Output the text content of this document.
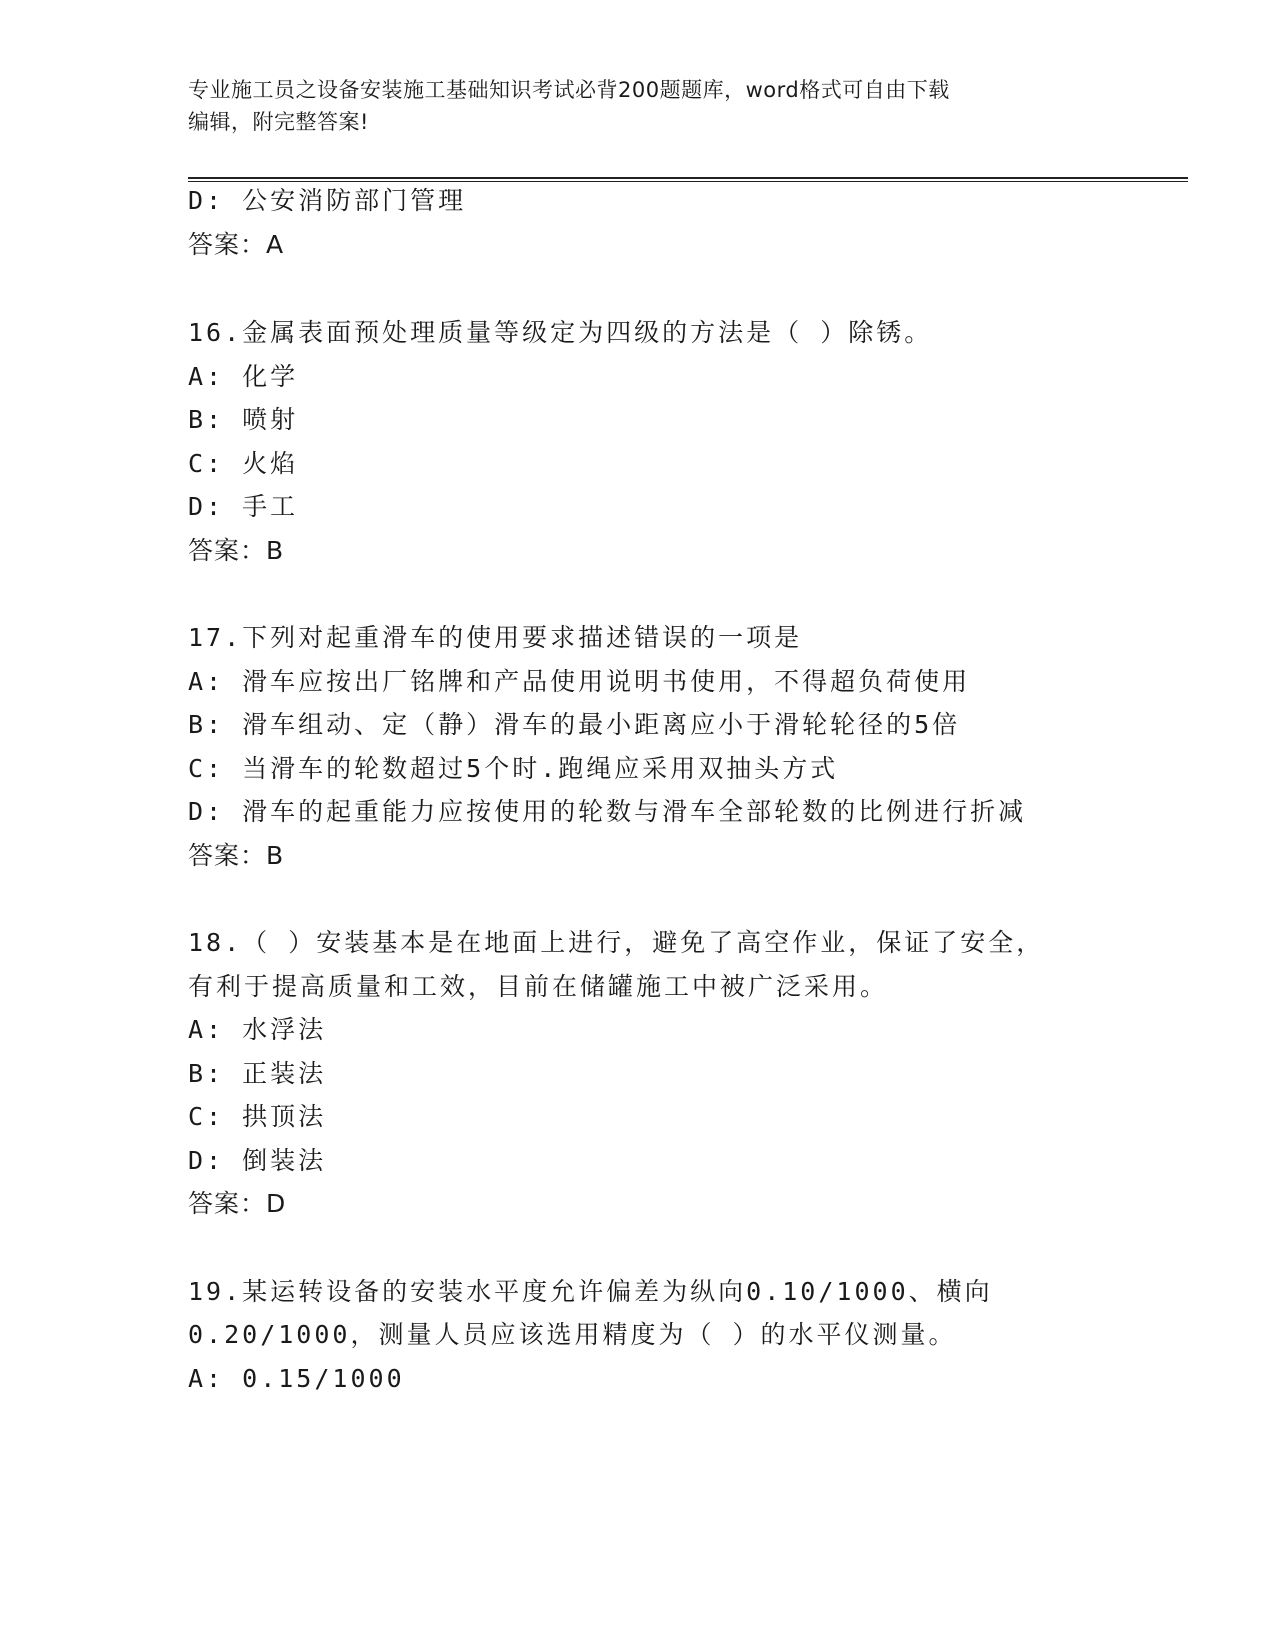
专业施工员之设备安装施工基础知识考试必背200题题库，word格式可自由下载
编辑，附完整答案!
D: 公安消防部门管理
答案：A
16.金属表面预处理质量等级定为四级的方法是（ ）除锈。
A: 化学
B: 喷射
C: 火焰
D: 手工
答案：B
17.下列对起重滑车的使用要求描述错误的一项是
A: 滑车应按出厂铭牌和产品使用说明书使用，不得超负荷使用
B: 滑车组动、定（静）滑车的最小距离应小于滑轮轮径的5倍
C: 当滑车的轮数超过5个时.跑绳应采用双抽头方式
D: 滑车的起重能力应按使用的轮数与滑车全部轮数的比例进行折减
答案：B
18.（ ）安装基本是在地面上进行，避免了高空作业，保证了安全，
有利于提高质量和工效，目前在储罐施工中被广泛采用。
A: 水浮法
B: 正装法
C: 拱顶法
D: 倒装法
答案：D
19.某运转设备的安装水平度允许偏差为纵向0.10/1000、横向
0.20/1000，测量人员应该选用精度为（ ）的水平仪测量。
A: 0.15/1000
